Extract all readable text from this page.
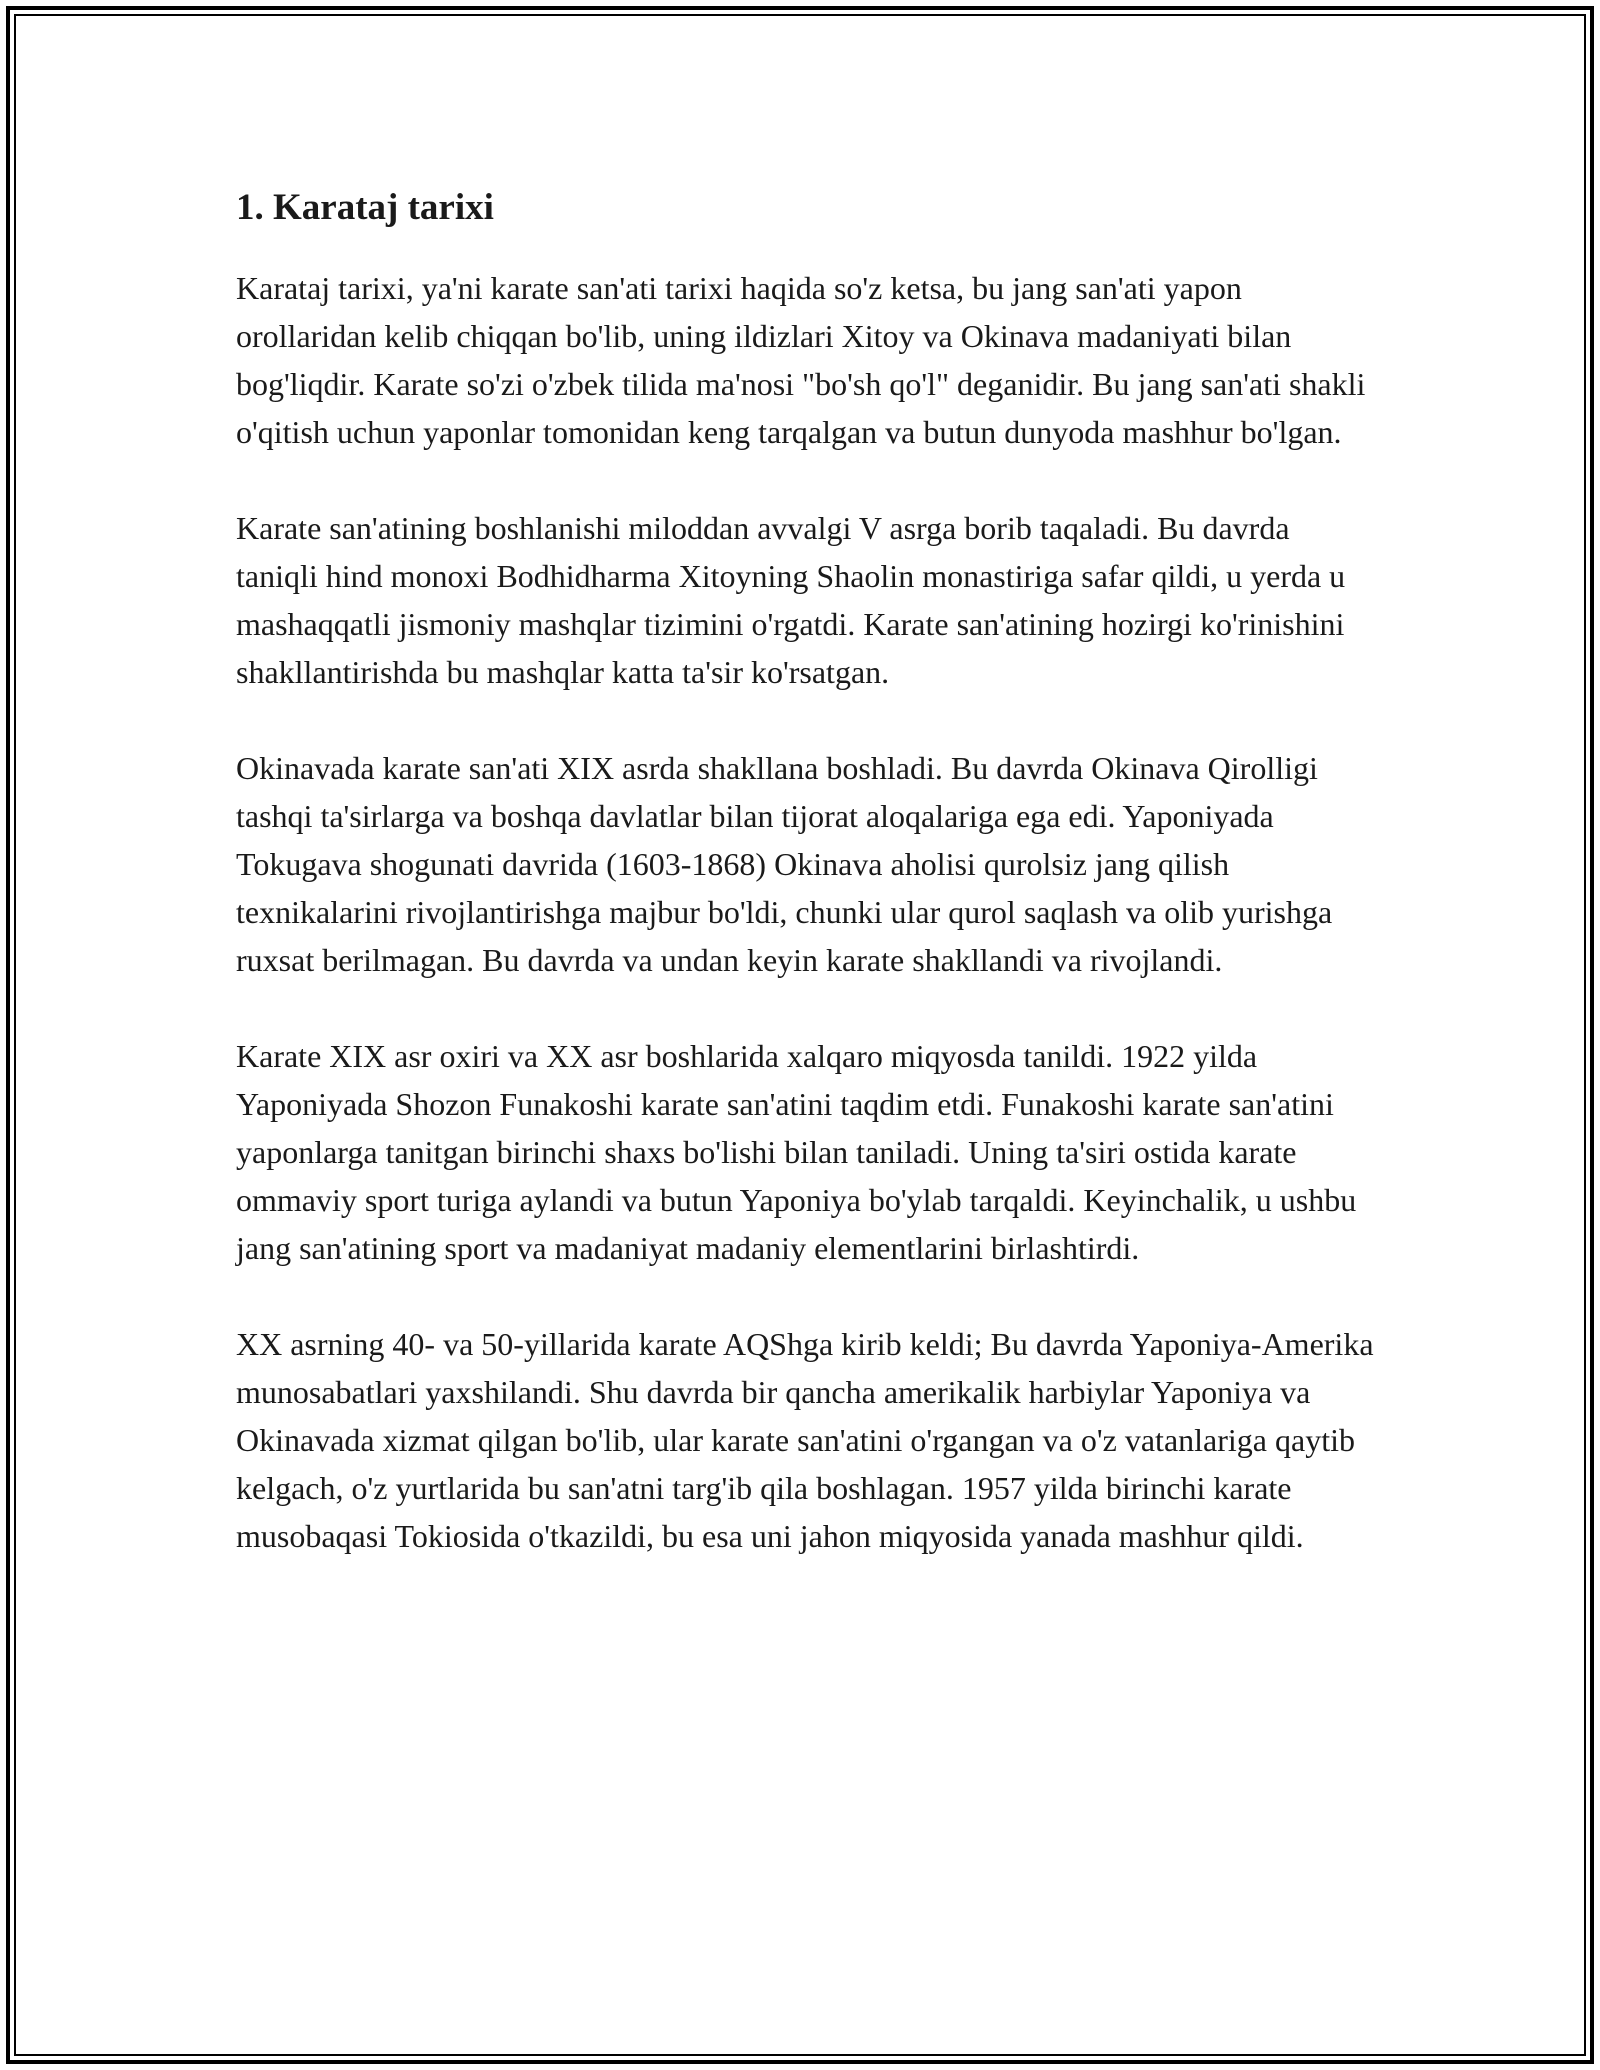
1. Karataj tarixi

Karataj tarixi, ya'ni karate san'ati tarixi haqida so'z ketsa, bu jang san'ati yapon orollaridan kelib chiqqan bo'lib, uning ildizlari Xitoy va Okinava madaniyati bilan bog'liqdir. Karate so'zi o'zbek tilida ma'nosi "bo'sh qo'l" deganidir. Bu jang san'ati shakli o'qitish uchun yaponlar tomonidan keng tarqalgan va butun dunyoda mashhur bo'lgan.

Karate san'atining boshlanishi miloddan avvalgi V asrga borib taqaladi. Bu davrda taniqli hind monoxi Bodhidharma Xitoyning Shaolin monastiriga safar qildi, u yerda u mashaqqatli jismoniy mashqlar tizimini o'rgatdi. Karate san'atining hozirgi ko'rinishini shakllantirishda bu mashqlar katta ta'sir ko'rsatgan.

Okinavada karate san'ati XIX asrda shakllana boshladi. Bu davrda Okinava Qirolligi tashqi ta'sirlarga va boshqa davlatlar bilan tijorat aloqalariga ega edi. Yaponiyada Tokugava shogunati davrida (1603-1868) Okinava aholisi qurolsiz jang qilish texnikalarini rivojlantirishga majbur bo'ldi, chunki ular qurol saqlash va olib yurishga ruxsat berilmagan. Bu davrda va undan keyin karate shakllandi va rivojlandi.

Karate XIX asr oxiri va XX asr boshlarida xalqaro miqyosda tanildi. 1922 yilda Yaponiyada Shozon Funakoshi karate san'atini taqdim etdi. Funakoshi karate san'atini yaponlarga tanitgan birinchi shaxs bo'lishi bilan taniladi. Uning ta'siri ostida karate ommaviy sport turiga aylandi va butun Yaponiya bo'ylab tarqaldi. Keyinchalik, u ushbu jang san'atining sport va madaniyat madaniy elementlarini birlashtirdi.

XX asrning 40- va 50-yillarida karate AQShga kirib keldi; Bu davrda Yaponiya-Amerika munosabatlari yaxshilandi. Shu davrda bir qancha amerikalik harbiylar Yaponiya va Okinavada xizmat qilgan bo'lib, ular karate san'atini o'rgangan va o'z vatanlariga qaytib kelgach, o'z yurtlarida bu san'atni targ'ib qila boshlagan. 1957 yilda birinchi karate musobaqasi Tokiosida o'tkazildi, bu esa uni jahon miqyosida yanada mashhur qildi.
